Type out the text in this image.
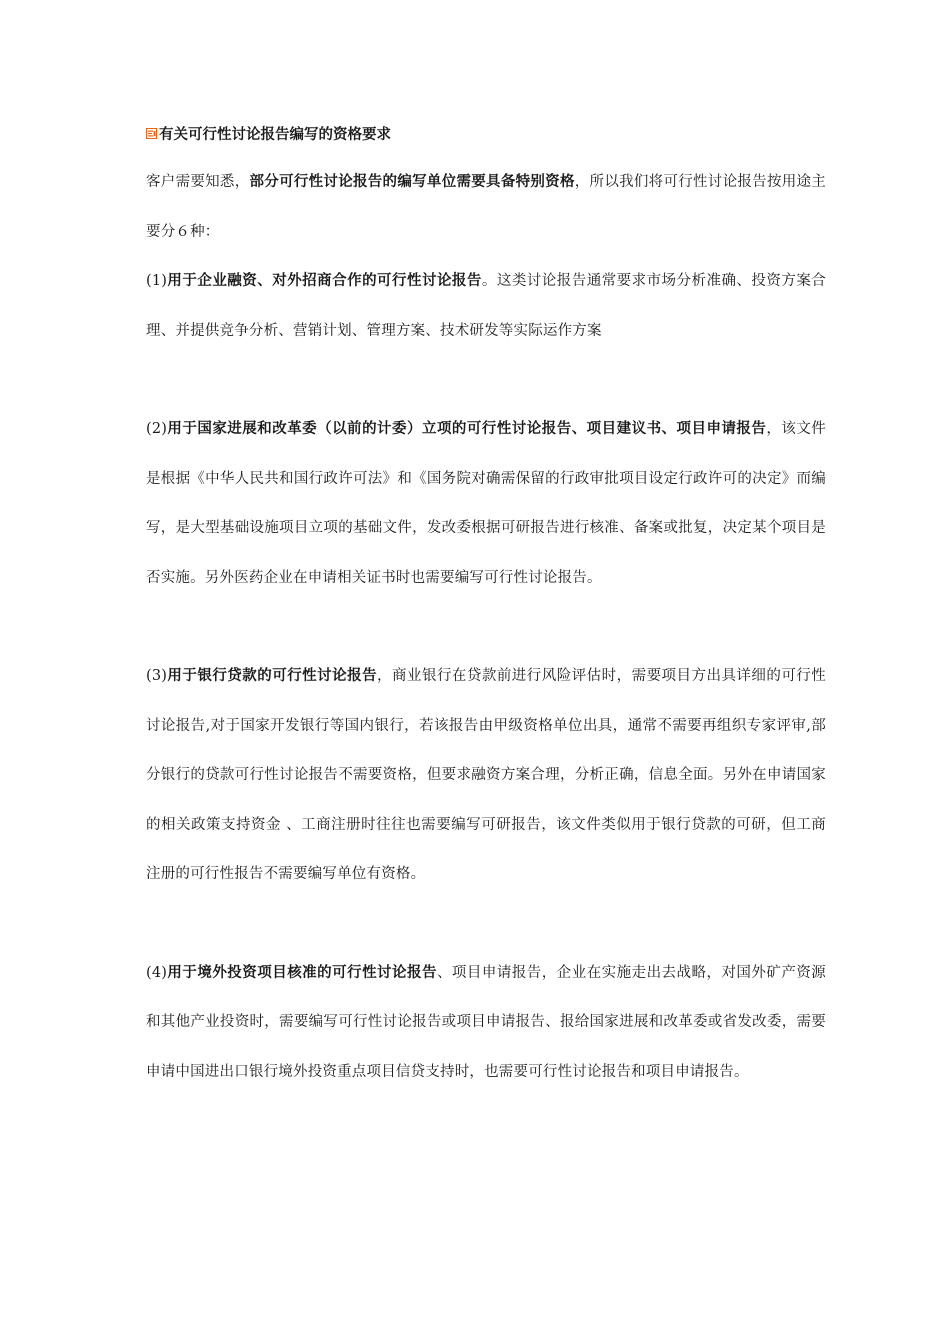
有关可行性讨论报告编写的资格要求

客户需要知悉，部分可行性讨论报告的编写单位需要具备特别资格，所以我们将可行性讨论报告按用途主要分６种：

(1)用于企业融资、对外招商合作的可行性讨论报告。这类讨论报告通常要求市场分析准确、投资方案合理、并提供竞争分析、营销计划、管理方案、技术研发等实际运作方案

(2)用于国家进展和改革委（以前的计委）立项的可行性讨论报告、项目建议书、项目申请报告，该文件是根据《中华人民共和国行政许可法》和《国务院对确需保留的行政审批项目设定行政许可的决定》而编写，是大型基础设施项目立项的基础文件，发改委根据可研报告进行核准、备案或批复，决定某个项目是否实施。另外医药企业在申请相关证书时也需要编写可行性讨论报告。

(3)用于银行贷款的可行性讨论报告，商业银行在贷款前进行风险评估时，需要项目方出具详细的可行性讨论报告,对于国家开发银行等国内银行，若该报告由甲级资格单位出具，通常不需要再组织专家评审,部分银行的贷款可行性讨论报告不需要资格，但要求融资方案合理，分析正确，信息全面。另外在申请国家的相关政策支持资金 、工商注册时往往也需要编写可研报告，该文件类似用于银行贷款的可研，但工商注册的可行性报告不需要编写单位有资格。

(4)用于境外投资项目核准的可行性讨论报告、项目申请报告，企业在实施走出去战略，对国外矿产资源和其他产业投资时，需要编写可行性讨论报告或项目申请报告、报给国家进展和改革委或省发改委，需要申请中国进出口银行境外投资重点项目信贷支持时，也需要可行性讨论报告和项目申请报告。
